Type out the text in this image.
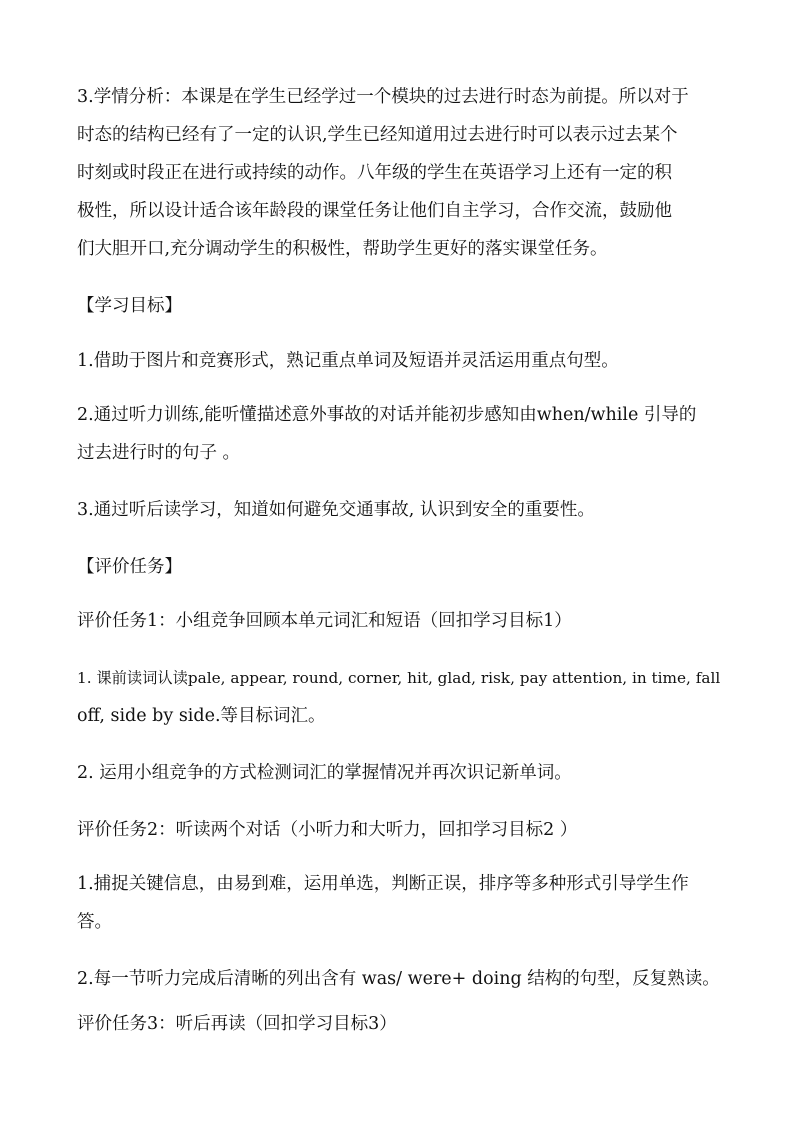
3.学情分析：本课是在学生已经学过一个模块的过去进行时态为前提。所以对于

时态的结构已经有了一定的认识,学生已经知道用过去进行时可以表示过去某个

时刻或时段正在进行或持续的动作。八年级的学生在英语学习上还有一定的积

极性，所以设计适合该年龄段的课堂任务让他们自主学习，合作交流，鼓励他

们大胆开口,充分调动学生的积极性，帮助学生更好的落实课堂任务。

【学习目标】

1.借助于图片和竞赛形式，熟记重点单词及短语并灵活运用重点句型。

2.通过听力训练,能听懂描述意外事故的对话并能初步感知由when/while 引导的

过去进行时的句子 。

3.通过听后读学习，知道如何避免交通事故, 认识到安全的重要性。

【评价任务】

评价任务1：小组竞争回顾本单元词汇和短语（回扣学习目标1）

1. 课前读词认读pale, appear, round, corner, hit, glad, risk, pay attention, in time, fall

off, side by side.等目标词汇。

2. 运用小组竞争的方式检测词汇的掌握情况并再次识记新单词。

评价任务2：听读两个对话（小听力和大听力，回扣学习目标2 ）

1.捕捉关键信息，由易到难，运用单选，判断正误，排序等多种形式引导学生作

答。

2.每一节听力完成后清晰的列出含有 was/ were+ doing 结构的句型，反复熟读。

评价任务3：听后再读（回扣学习目标3）
